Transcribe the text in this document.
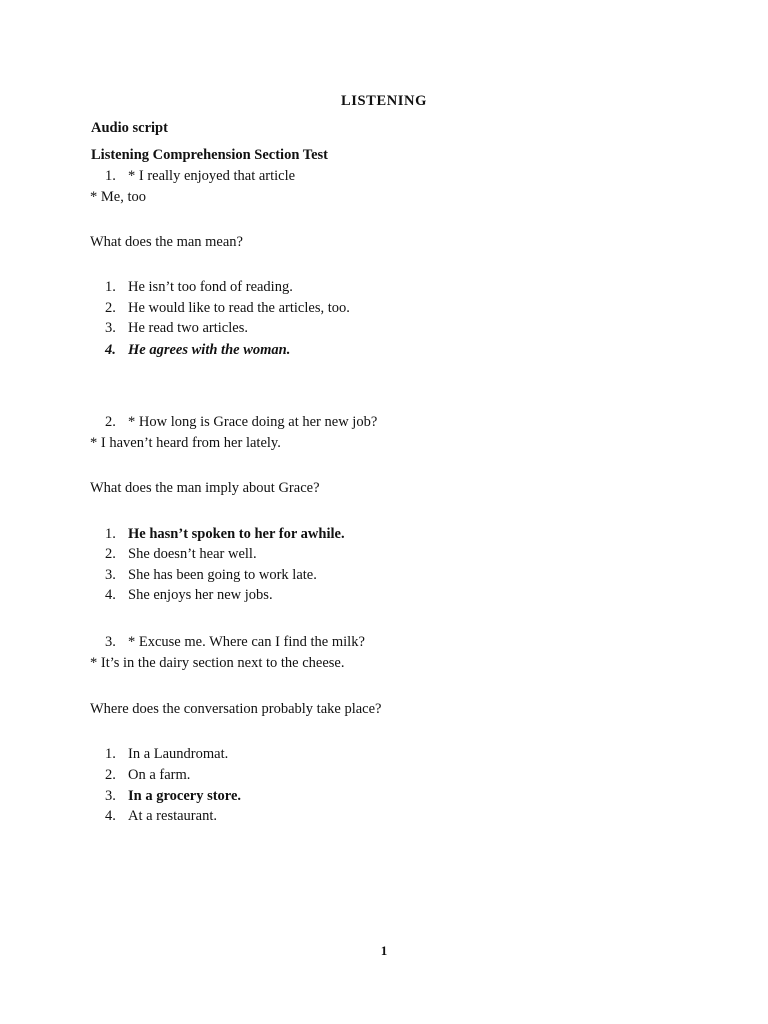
LISTENING
Audio script
Listening Comprehension Section Test
1. * I really enjoyed that article
* Me, too
What does the man mean?
1. He isn’t too fond of reading.
2. He would like to read the articles, too.
3. He read two articles.
4. He agrees with the woman.
2. * How long is Grace doing at her new job?
* I haven’t heard from her lately.
What does the man imply about Grace?
1. He hasn’t spoken to her for awhile.
2. She doesn’t hear well.
3. She has been going to work late.
4. She enjoys her new jobs.
3. * Excuse me. Where can I find the milk?
* It’s in the dairy section next to the cheese.
Where does the conversation probably take place?
1. In a Laundromat.
2. On a farm.
3. In a grocery store.
4. At a restaurant.
1
